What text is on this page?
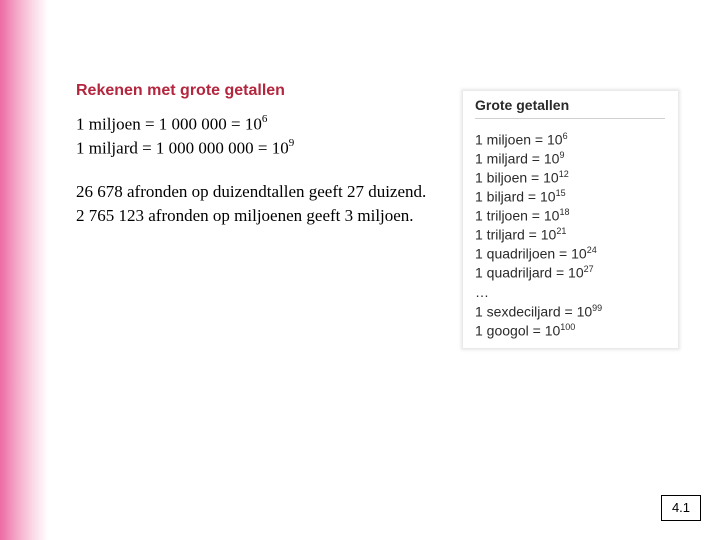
Rekenen met grote getallen
1 miljoen = 1 000 $000 = 10^6$
1 miljard = 1 000 000 $000 = 10^9$
26 678 afronden op duizendtallen geeft 27 duizend.
2 765 123 afronden op miljoenen geeft 3 miljoen.
Grote getallen
1 miljoen = $10^6$
1 miljard = $10^9$
1 biljoen = $10^{12}$
1 biljard = $10^{15}$
1 triljoen = $10^{18}$
1 triljard = $10^{21}$
1 quadriljoen = $10^{24}$
1 quadriljard = $10^{27}$
…
1 sexdeciljard = $10^{99}$
1 googol = $10^{100}$
4.1
